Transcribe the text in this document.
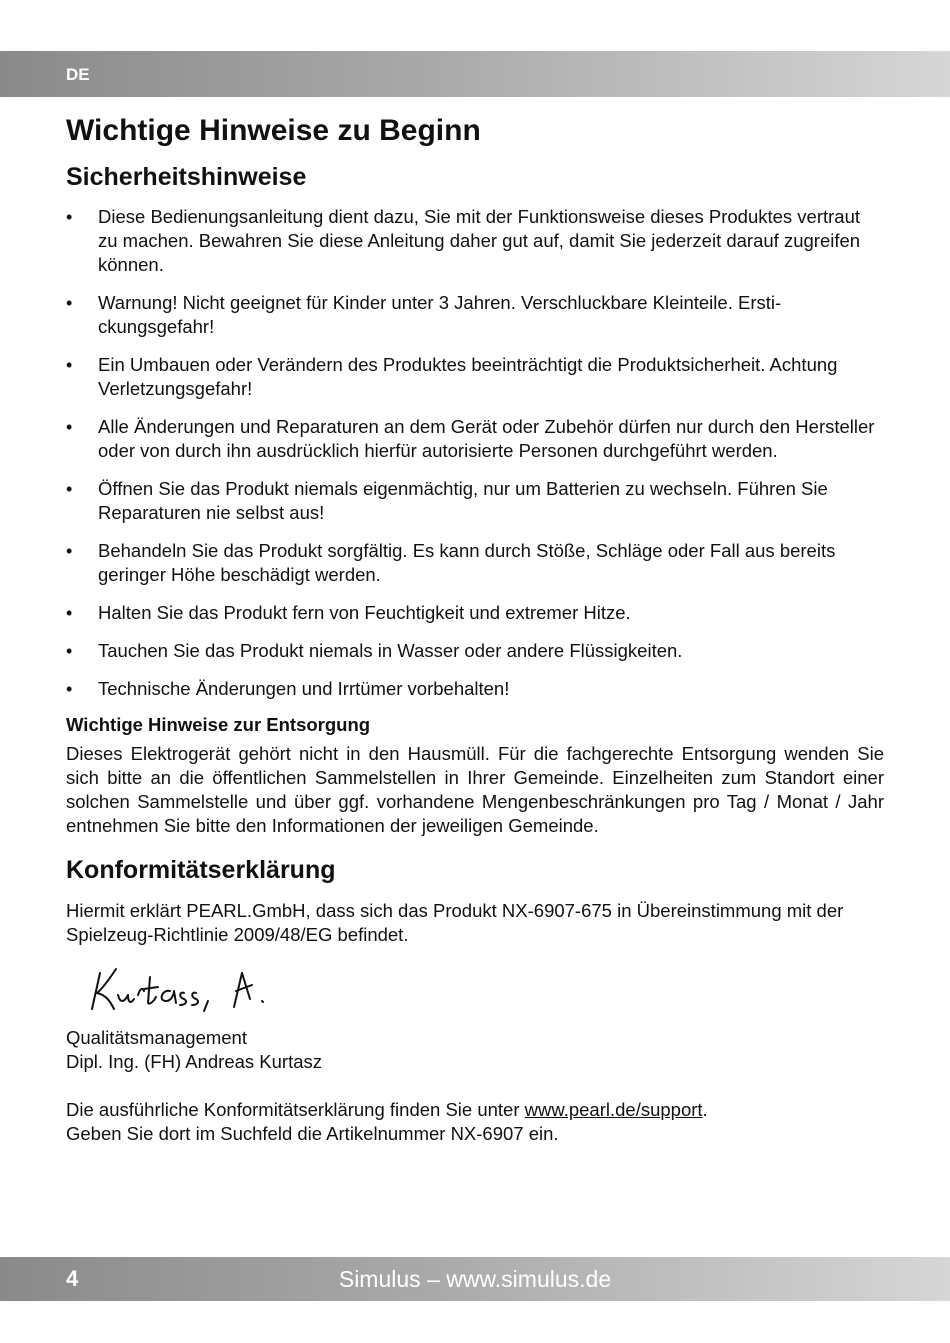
DE
Wichtige Hinweise zu Beginn
Sicherheitshinweise
• Diese Bedienungsanleitung dient dazu, Sie mit der Funktionsweise dieses Produktes vertraut zu machen. Bewahren Sie diese Anleitung daher gut auf, damit Sie jederzeit darauf zugreifen können.
• Warnung! Nicht geeignet für Kinder unter 3 Jahren. Verschluckbare Kleinteile. Erstickungsgefahr!
• Ein Umbauen oder Verändern des Produktes beeinträchtigt die Produktsicherheit. Achtung Verletzungsgefahr!
• Alle Änderungen und Reparaturen an dem Gerät oder Zubehör dürfen nur durch den Hersteller oder von durch ihn ausdrücklich hierfür autorisierte Personen durchgeführt werden.
• Öffnen Sie das Produkt niemals eigenmächtig, nur um Batterien zu wechseln. Führen Sie Reparaturen nie selbst aus!
• Behandeln Sie das Produkt sorgfältig. Es kann durch Stöße, Schläge oder Fall aus bereits geringer Höhe beschädigt werden.
• Halten Sie das Produkt fern von Feuchtigkeit und extremer Hitze.
• Tauchen Sie das Produkt niemals in Wasser oder andere Flüssigkeiten.
• Technische Änderungen und Irrtümer vorbehalten!
Wichtige Hinweise zur Entsorgung

Dieses Elektrogerät gehört nicht in den Hausmüll. Für die fachgerechte Entsorgung wenden Sie sich bitte an die öffentlichen Sammelstellen in Ihrer Gemeinde. Einzelheiten zum Standort einer solchen Sammelstelle und über ggf. vorhandene Mengenbeschränkungen pro Tag / Monat / Jahr entnehmen Sie bitte den Informationen der jeweiligen Gemeinde.

Konformitätserklärung

Hiermit erklärt PEARL.GmbH, dass sich das Produkt NX-6907-675 in Übereinstimmung mit der Spielzeug-Richtlinie 2009/48/EG befindet.

Qualitätsmanagement
Dipl. Ing. (FH) Andreas Kurtasz
Die ausführliche Konformitätserklärung finden Sie unter www.pearl.de/support.
Geben Sie dort im Suchfeld die Artikelnummer NX-6907 ein.
4	Simulus – www.simulus.de
